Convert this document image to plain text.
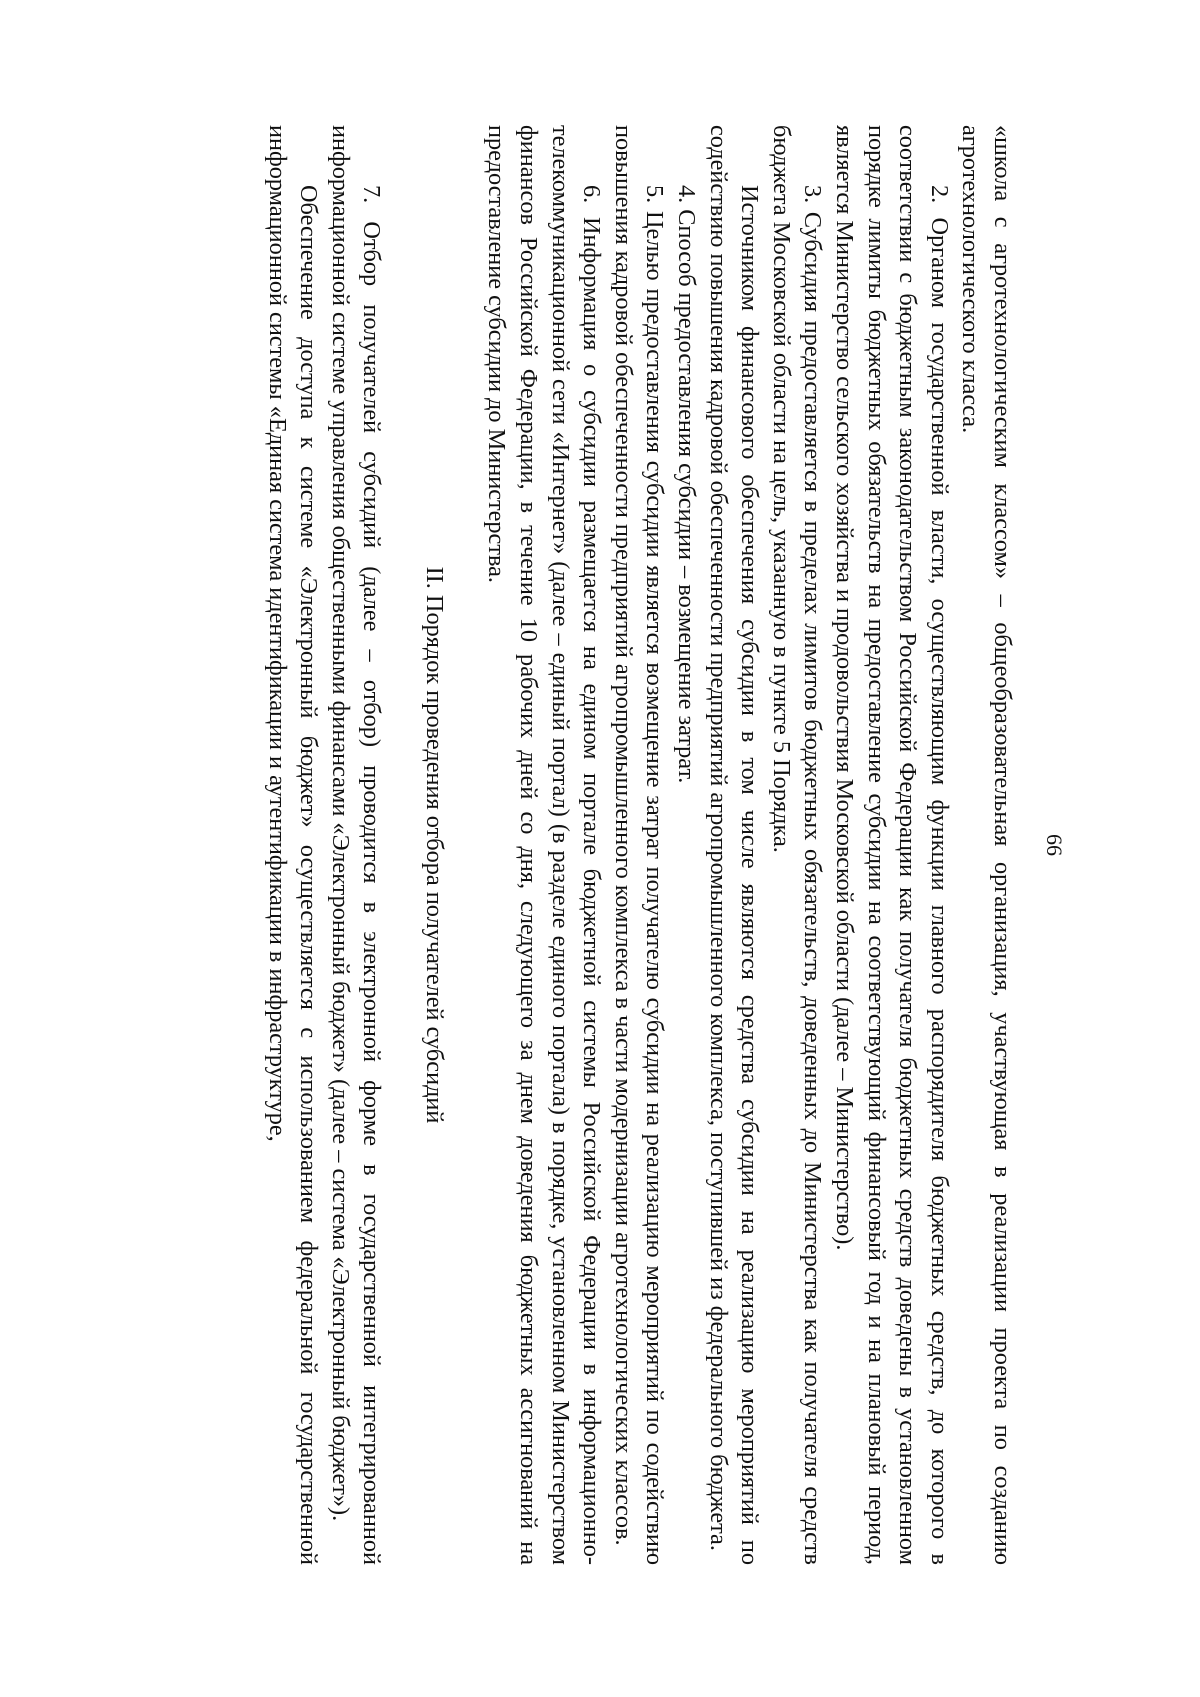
66

«школа с агротехнологическим классом» – общеобразовательная организация, участвующая в реализации проекта по созданию агротехнологического класса.

2. Органом государственной власти, осуществляющим функции главного распорядителя бюджетных средств, до которого в соответствии с бюджетным законодательством Российской Федерации как получателя бюджетных средств доведены в установленном порядке лимиты бюджетных обязательств на предоставление субсидии на соответствующий финансовый год и на плановый период, является Министерство сельского хозяйства и продовольствия Московской области (далее – Министерство).

3. Субсидия предоставляется в пределах лимитов бюджетных обязательств, доведенных до Министерства как получателя средств бюджета Московской области на цель, указанную в пункте 5 Порядка.

Источником финансового обеспечения субсидии в том числе являются средства субсидии на реализацию мероприятий по содействию повышения кадровой обеспеченности предприятий агропромышленного комплекса, поступившей из федерального бюджета.

4. Способ предоставления субсидии – возмещение затрат.

5. Целью предоставления субсидии является возмещение затрат получателю субсидии на реализацию мероприятий по содействию повышения кадровой обеспеченности предприятий агропромышленного комплекса в части модернизации агротехнологических классов.

6. Информация о субсидии размещается на едином портале бюджетной системы Российской Федерации в информационно-телекоммуникационной сети «Интернет» (далее – единый портал) (в разделе единого портала) в порядке, установленном Министерством финансов Российской Федерации, в течение 10 рабочих дней со дня, следующего за днем доведения бюджетных ассигнований на предоставление субсидии до Министерства.

II. Порядок проведения отбора получателей субсидий

7. Отбор получателей субсидий (далее – отбор) проводится в электронной форме в государственной интегрированной информационной системе управления общественными финансами «Электронный бюджет» (далее – система «Электронный бюджет»).

Обеспечение доступа к системе «Электронный бюджет» осуществляется с использованием федеральной государственной информационной системы «Единая система идентификации и аутентификации в инфраструктуре,
